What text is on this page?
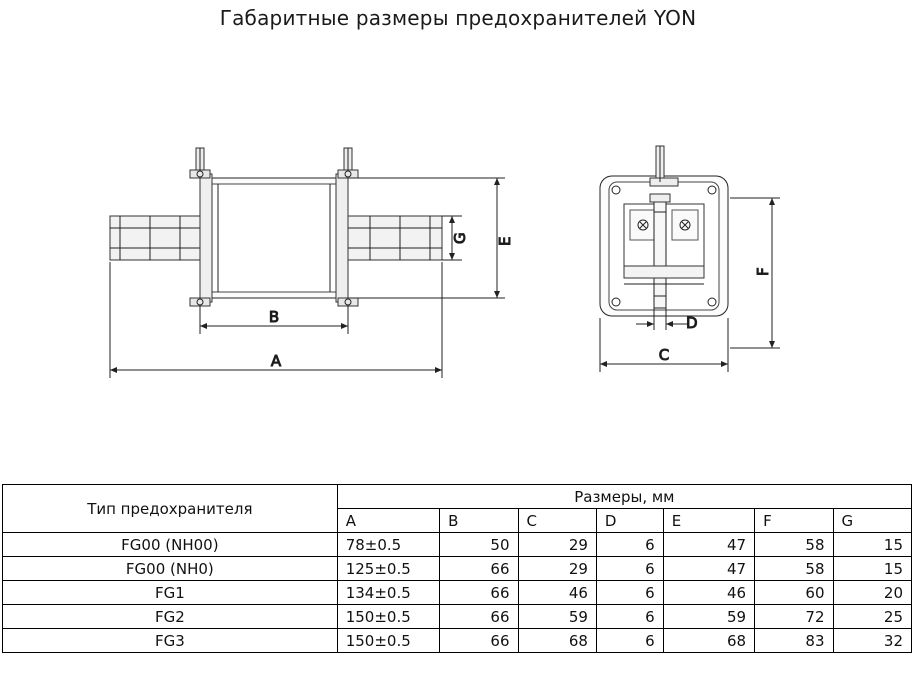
Габаритные размеры предохранителей YON
G E
B
A
F
D
C
Тип предохранителя	Размеры, мм						
	A	B	C	D	E	F	G
FG00 (NH00)	78±0.5	50	29	6	47	58	15
FG00 (NH0)	125±0.5	66	29	6	47	58	15
FG1	134±0.5	66	46	6	46	60	20
FG2	150±0.5	66	59	6	59	72	25
FG3	150±0.5	66	68	6	68	83	32
